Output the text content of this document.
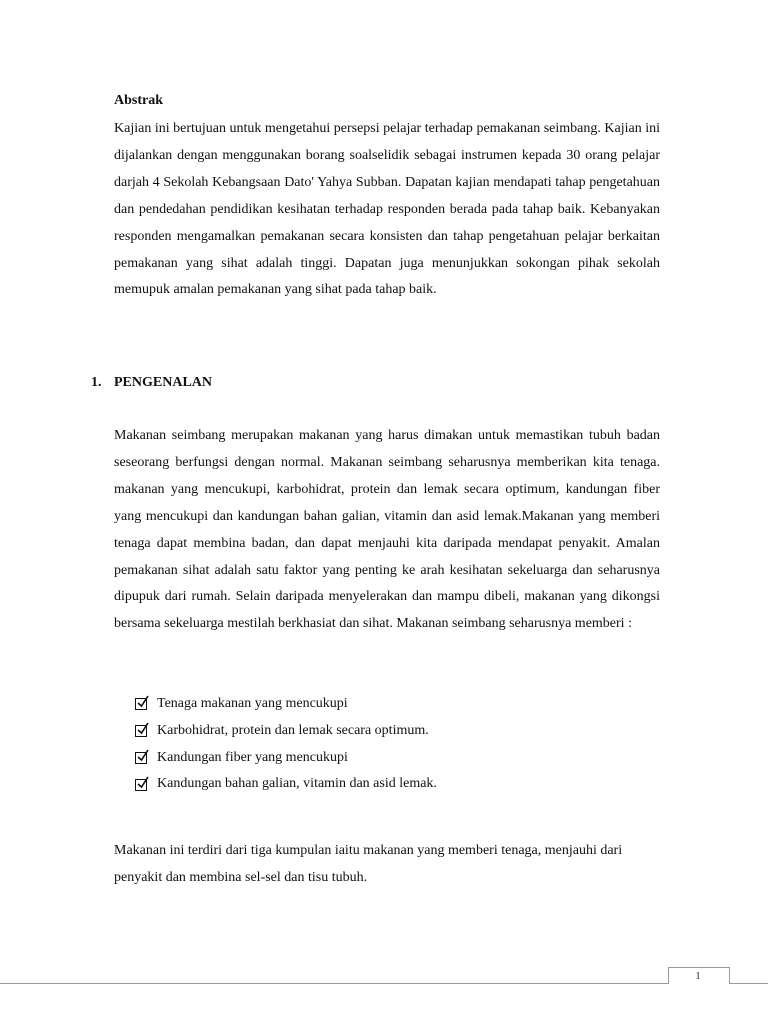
Abstrak

Kajian ini bertujuan untuk mengetahui persepsi pelajar terhadap pemakanan seimbang. Kajian ini dijalankan dengan menggunakan borang soalselidik sebagai instrumen kepada 30 orang pelajar darjah 4 Sekolah Kebangsaan Dato' Yahya Subban. Dapatan kajian mendapati tahap pengetahuan dan pendedahan pendidikan kesihatan terhadap responden berada pada tahap baik. Kebanyakan responden mengamalkan pemakanan secara konsisten dan tahap pengetahuan pelajar berkaitan pemakanan yang sihat adalah tinggi. Dapatan juga menunjukkan sokongan pihak sekolah memupuk amalan pemakanan yang sihat pada tahap baik.

1. PENGENALAN

Makanan seimbang merupakan makanan yang harus dimakan untuk memastikan tubuh badan seseorang berfungsi dengan normal. Makanan seimbang seharusnya memberikan kita tenaga. makanan yang mencukupi, karbohidrat, protein dan lemak secara optimum, kandungan fiber yang mencukupi dan kandungan bahan galian, vitamin dan asid lemak.Makanan yang memberi tenaga dapat membina badan, dan dapat menjauhi kita daripada mendapat penyakit. Amalan pemakanan sihat adalah satu faktor yang penting ke arah kesihatan sekeluarga dan seharusnya dipupuk dari rumah. Selain daripada menyelerakan dan mampu dibeli, makanan yang dikongsi bersama sekeluarga mestilah berkhasiat dan sihat. Makanan seimbang seharusnya memberi :

Tenaga makanan yang mencukupi
Karbohidrat, protein dan lemak secara optimum.
Kandungan fiber yang mencukupi
Kandungan bahan galian, vitamin dan asid lemak.

Makanan ini terdiri dari tiga kumpulan iaitu makanan yang memberi tenaga, menjauhi dari penyakit dan membina sel-sel dan tisu tubuh.

1
